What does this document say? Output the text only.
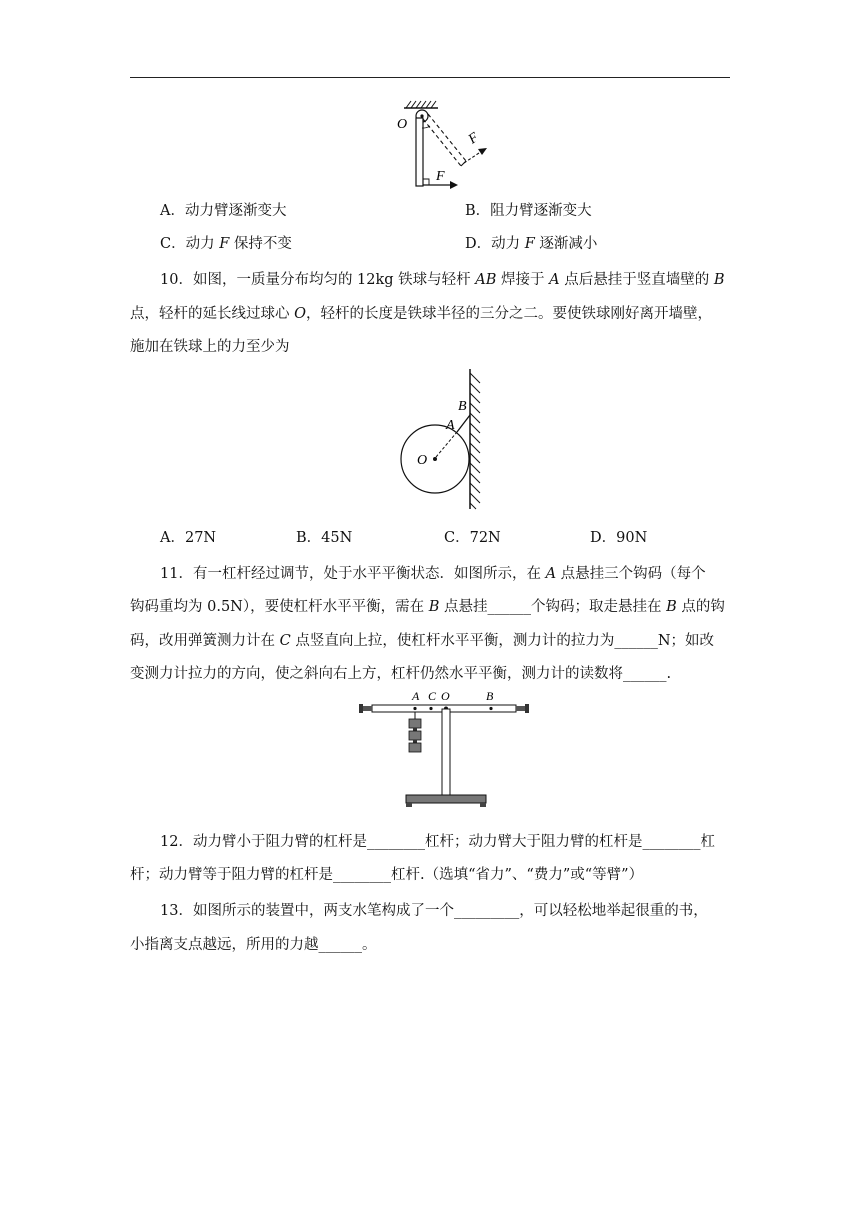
O
F
F
A．动力臂逐渐变大	B．阻力臂逐渐变大
C．动力 F 保持不变	D．动力 F 逐渐减小
10．如图，一质量分布均匀的 12kg 铁球与轻杆 AB 焊接于 A 点后悬挂于竖直墙壁的 B
点，轻杆的延长线过球心 O，轻杆的长度是铁球半径的三分之二。要使铁球刚好离开墙壁，
施加在铁球上的力至少为
B
A
O
A．27N	B．45N	C．72N	D．90N
11．有一杠杆经过调节，处于水平平衡状态．如图所示，在 A 点悬挂三个钩码（每个
钩码重均为 0.5N），要使杠杆水平平衡，需在 B 点悬挂______个钩码；取走悬挂在 B 点的钩
码，改用弹簧测力计在 C 点竖直向上拉，使杠杆水平平衡，测力计的拉力为______N；如改
变测力计拉力的方向，使之斜向右上方，杠杆仍然水平平衡，测力计的读数将______.
A C O	B
12．动力臂小于阻力臂的杠杆是________杠杆；动力臂大于阻力臂的杠杆是________杠
杆；动力臂等于阻力臂的杠杆是________杠杆.（选填“省力”、“费力”或“等臂”）
13．如图所示的装置中，两支水笔构成了一个_________，可以轻松地举起很重的书，
小指离支点越远，所用的力越______。
